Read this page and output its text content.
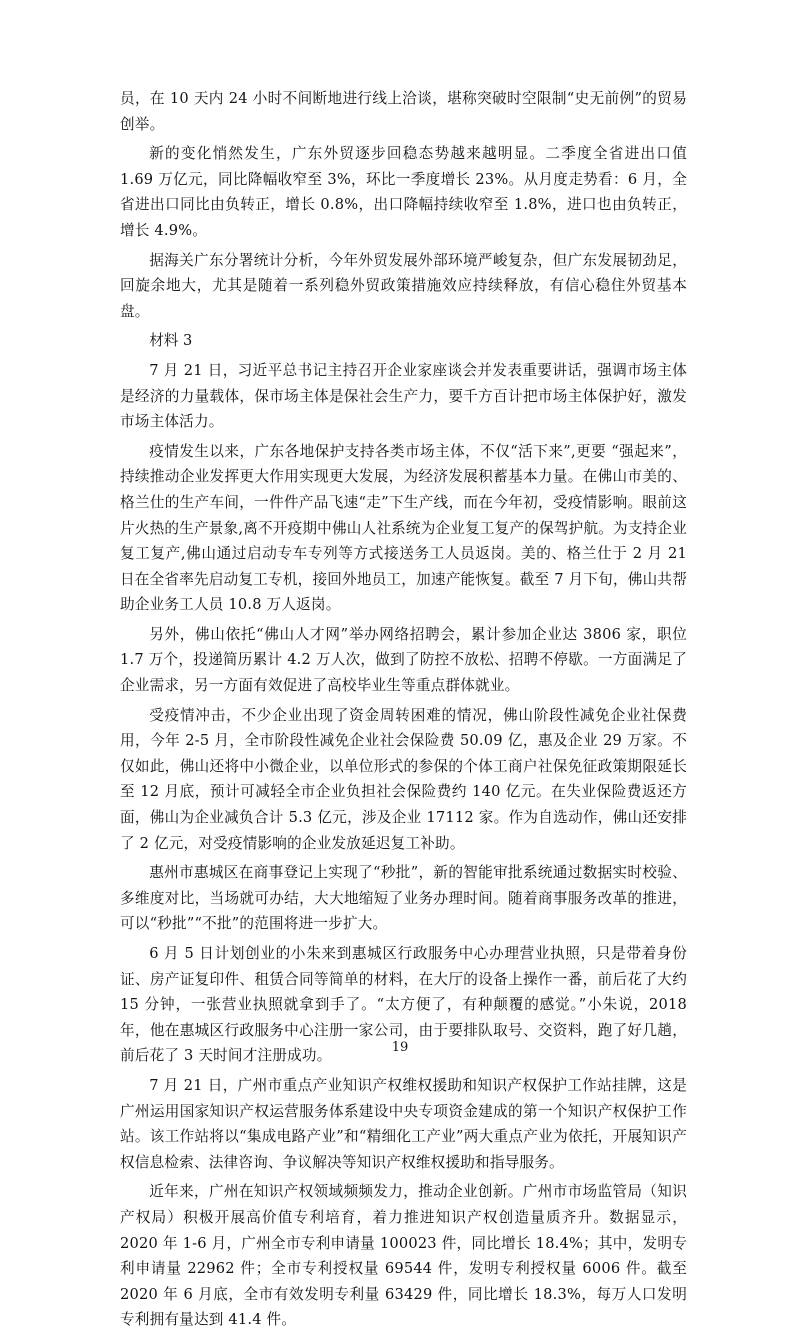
员，在 10 天内 24 小时不间断地进行线上洽谈，堪称突破时空限制“史无前例”的贸易创举。

新的变化悄然发生，广东外贸逐步回稳态势越来越明显。二季度全省进出口值 1.69 万亿元，同比降幅收窄至 3%，环比一季度增长 23%。从月度走势看：6 月，全省进出口同比由负转正，增长 0.8%，出口降幅持续收窄至 1.8%，进口也由负转正，增长 4.9%。

据海关广东分署统计分析，今年外贸发展外部环境严峻复杂，但广东发展韧劲足，回旋余地大，尤其是随着一系列稳外贸政策措施效应持续释放，有信心稳住外贸基本盘。

材料 3

7 月 21 日，习近平总书记主持召开企业家座谈会并发表重要讲话，强调市场主体是经济的力量载体，保市场主体是保社会生产力，要千方百计把市场主体保护好，激发市场主体活力。

疫情发生以来，广东各地保护支持各类市场主体，不仅“活下来”,更要 “强起来”，持续推动企业发挥更大作用实现更大发展，为经济发展积蓄基本力量。在佛山市美的、格兰仕的生产车间，一件件产品飞速“走”下生产线，而在今年初，受疫情影响。眼前这片火热的生产景象,离不开疫期中佛山人社系统为企业复工复产的保驾护航。为支持企业复工复产,佛山通过启动专车专列等方式接送务工人员返岗。美的、格兰仕于 2 月 21 日在全省率先启动复工专机，接回外地员工，加速产能恢复。截至 7 月下旬，佛山共帮助企业务工人员 10.8 万人返岗。

另外，佛山依托“佛山人才网”举办网络招聘会，累计参加企业达 3806 家，职位 1.7 万个，投递简历累计 4.2 万人次，做到了防控不放松、招聘不停歇。一方面满足了企业需求，另一方面有效促进了高校毕业生等重点群体就业。

受疫情冲击，不少企业出现了资金周转困难的情况，佛山阶段性减免企业社保费用，今年 2-5 月，全市阶段性减免企业社会保险费 50.09 亿，惠及企业 29 万家。不仅如此，佛山还将中小微企业，以单位形式的参保的个体工商户社保免征政策期限延长至 12 月底，预计可减轻全市企业负担社会保险费约 140 亿元。在失业保险费返还方面，佛山为企业减负合计 5.3 亿元，涉及企业 17112 家。作为自选动作，佛山还安排了 2 亿元，对受疫情影响的企业发放延迟复工补助。

惠州市惠城区在商事登记上实现了“秒批”，新的智能审批系统通过数据实时校验、多维度对比，当场就可办结，大大地缩短了业务办理时间。随着商事服务改革的推进，可以“秒批”“不批”的范围将进一步扩大。

6 月 5 日计划创业的小朱来到惠城区行政服务中心办理营业执照，只是带着身份证、房产证复印件、租赁合同等简单的材料，在大厅的设备上操作一番，前后花了大约 15 分钟，一张营业执照就拿到手了。“太方便了，有种颠覆的感觉。”小朱说，2018 年，他在惠城区行政服务中心注册一家公司，由于要排队取号、交资料，跑了好几趟，前后花了 3 天时间才注册成功。

7 月 21 日，广州市重点产业知识产权维权援助和知识产权保护工作站挂牌，这是广州运用国家知识产权运营服务体系建设中央专项资金建成的第一个知识产权保护工作站。该工作站将以“集成电路产业”和“精细化工产业”两大重点产业为依托，开展知识产权信息检索、法律咨询、争议解决等知识产权维权援助和指导服务。

近年来，广州在知识产权领域频频发力，推动企业创新。广州市市场监管局（知识产权局）积极开展高价值专利培育，着力推进知识产权创造量质齐升。数据显示，2020 年 1-6 月，广州全市专利申请量 100023 件，同比增长 18.4%；其中，发明专利申请量 22962 件；全市专利授权量 69544 件，发明专利授权量 6006 件。截至 2020 年 6 月底，全市有效发明专利量 63429 件，同比增长 18.3%，每万人口发明专利拥有量达到 41.4 件。

19
